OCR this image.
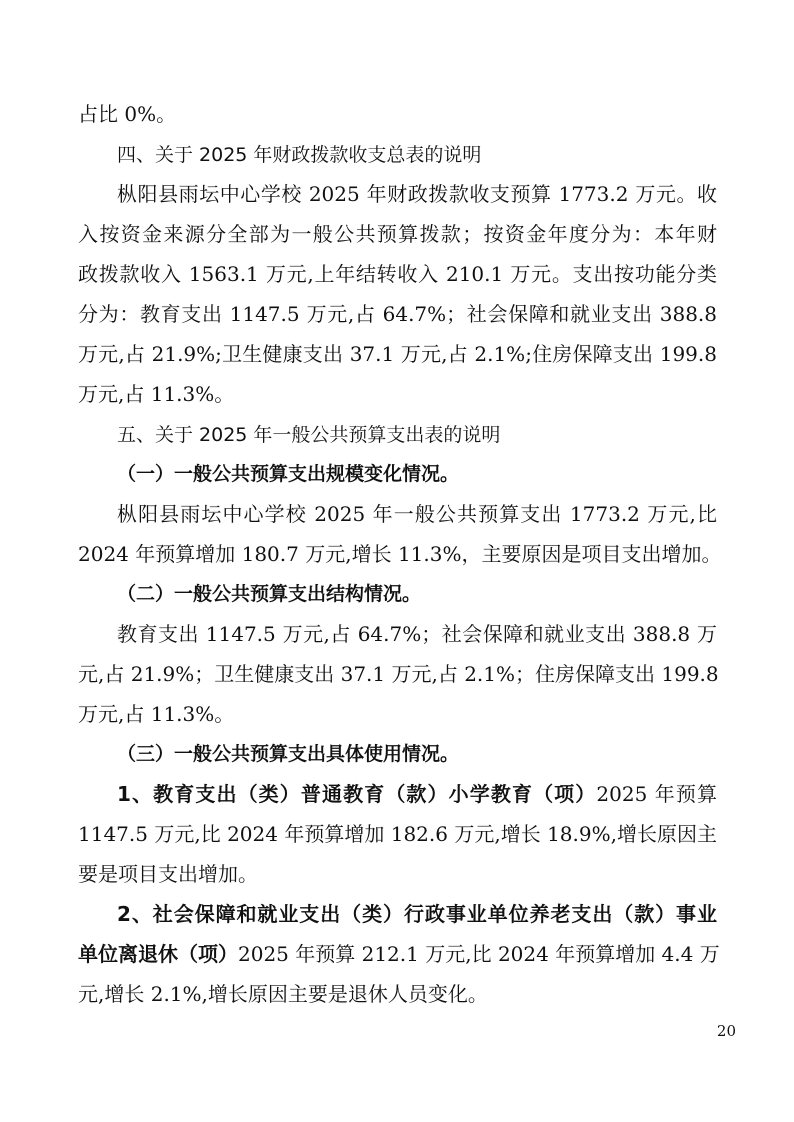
占比 0%。
四、关于 2025 年财政拨款收支总表的说明
枞阳县雨坛中心学校 2025 年财政拨款收支预算 1773.2 万元。收
入按资金来源分全部为一般公共预算拨款；按资金年度分为：本年财
政拨款收入 1563.1 万元,上年结转收入 210.1 万元。支出按功能分类
分为：教育支出 1147.5 万元,占 64.7%；社会保障和就业支出 388.8
万元,占 21.9%;卫生健康支出 37.1 万元,占 2.1%;住房保障支出 199.8
万元,占 11.3%。
五、关于 2025 年一般公共预算支出表的说明
（一）一般公共预算支出规模变化情况。
枞阳县雨坛中心学校 2025 年一般公共预算支出 1773.2 万元,比
2024 年预算增加 180.7 万元,增长 11.3%，主要原因是项目支出增加。
（二）一般公共预算支出结构情况。
教育支出 1147.5 万元,占 64.7%；社会保障和就业支出 388.8 万
元,占 21.9%；卫生健康支出 37.1 万元,占 2.1%；住房保障支出 199.8
万元,占 11.3%。
（三）一般公共预算支出具体使用情况。
1、教育支出（类）普通教育（款）小学教育（项）2025 年预算
1147.5 万元,比 2024 年预算增加 182.6 万元,增长 18.9%,增长原因主
要是项目支出增加。
2、社会保障和就业支出（类）行政事业单位养老支出（款）事业
单位离退休（项）2025 年预算 212.1 万元,比 2024 年预算增加 4.4 万
元,增长 2.1%,增长原因主要是退休人员变化。
20
